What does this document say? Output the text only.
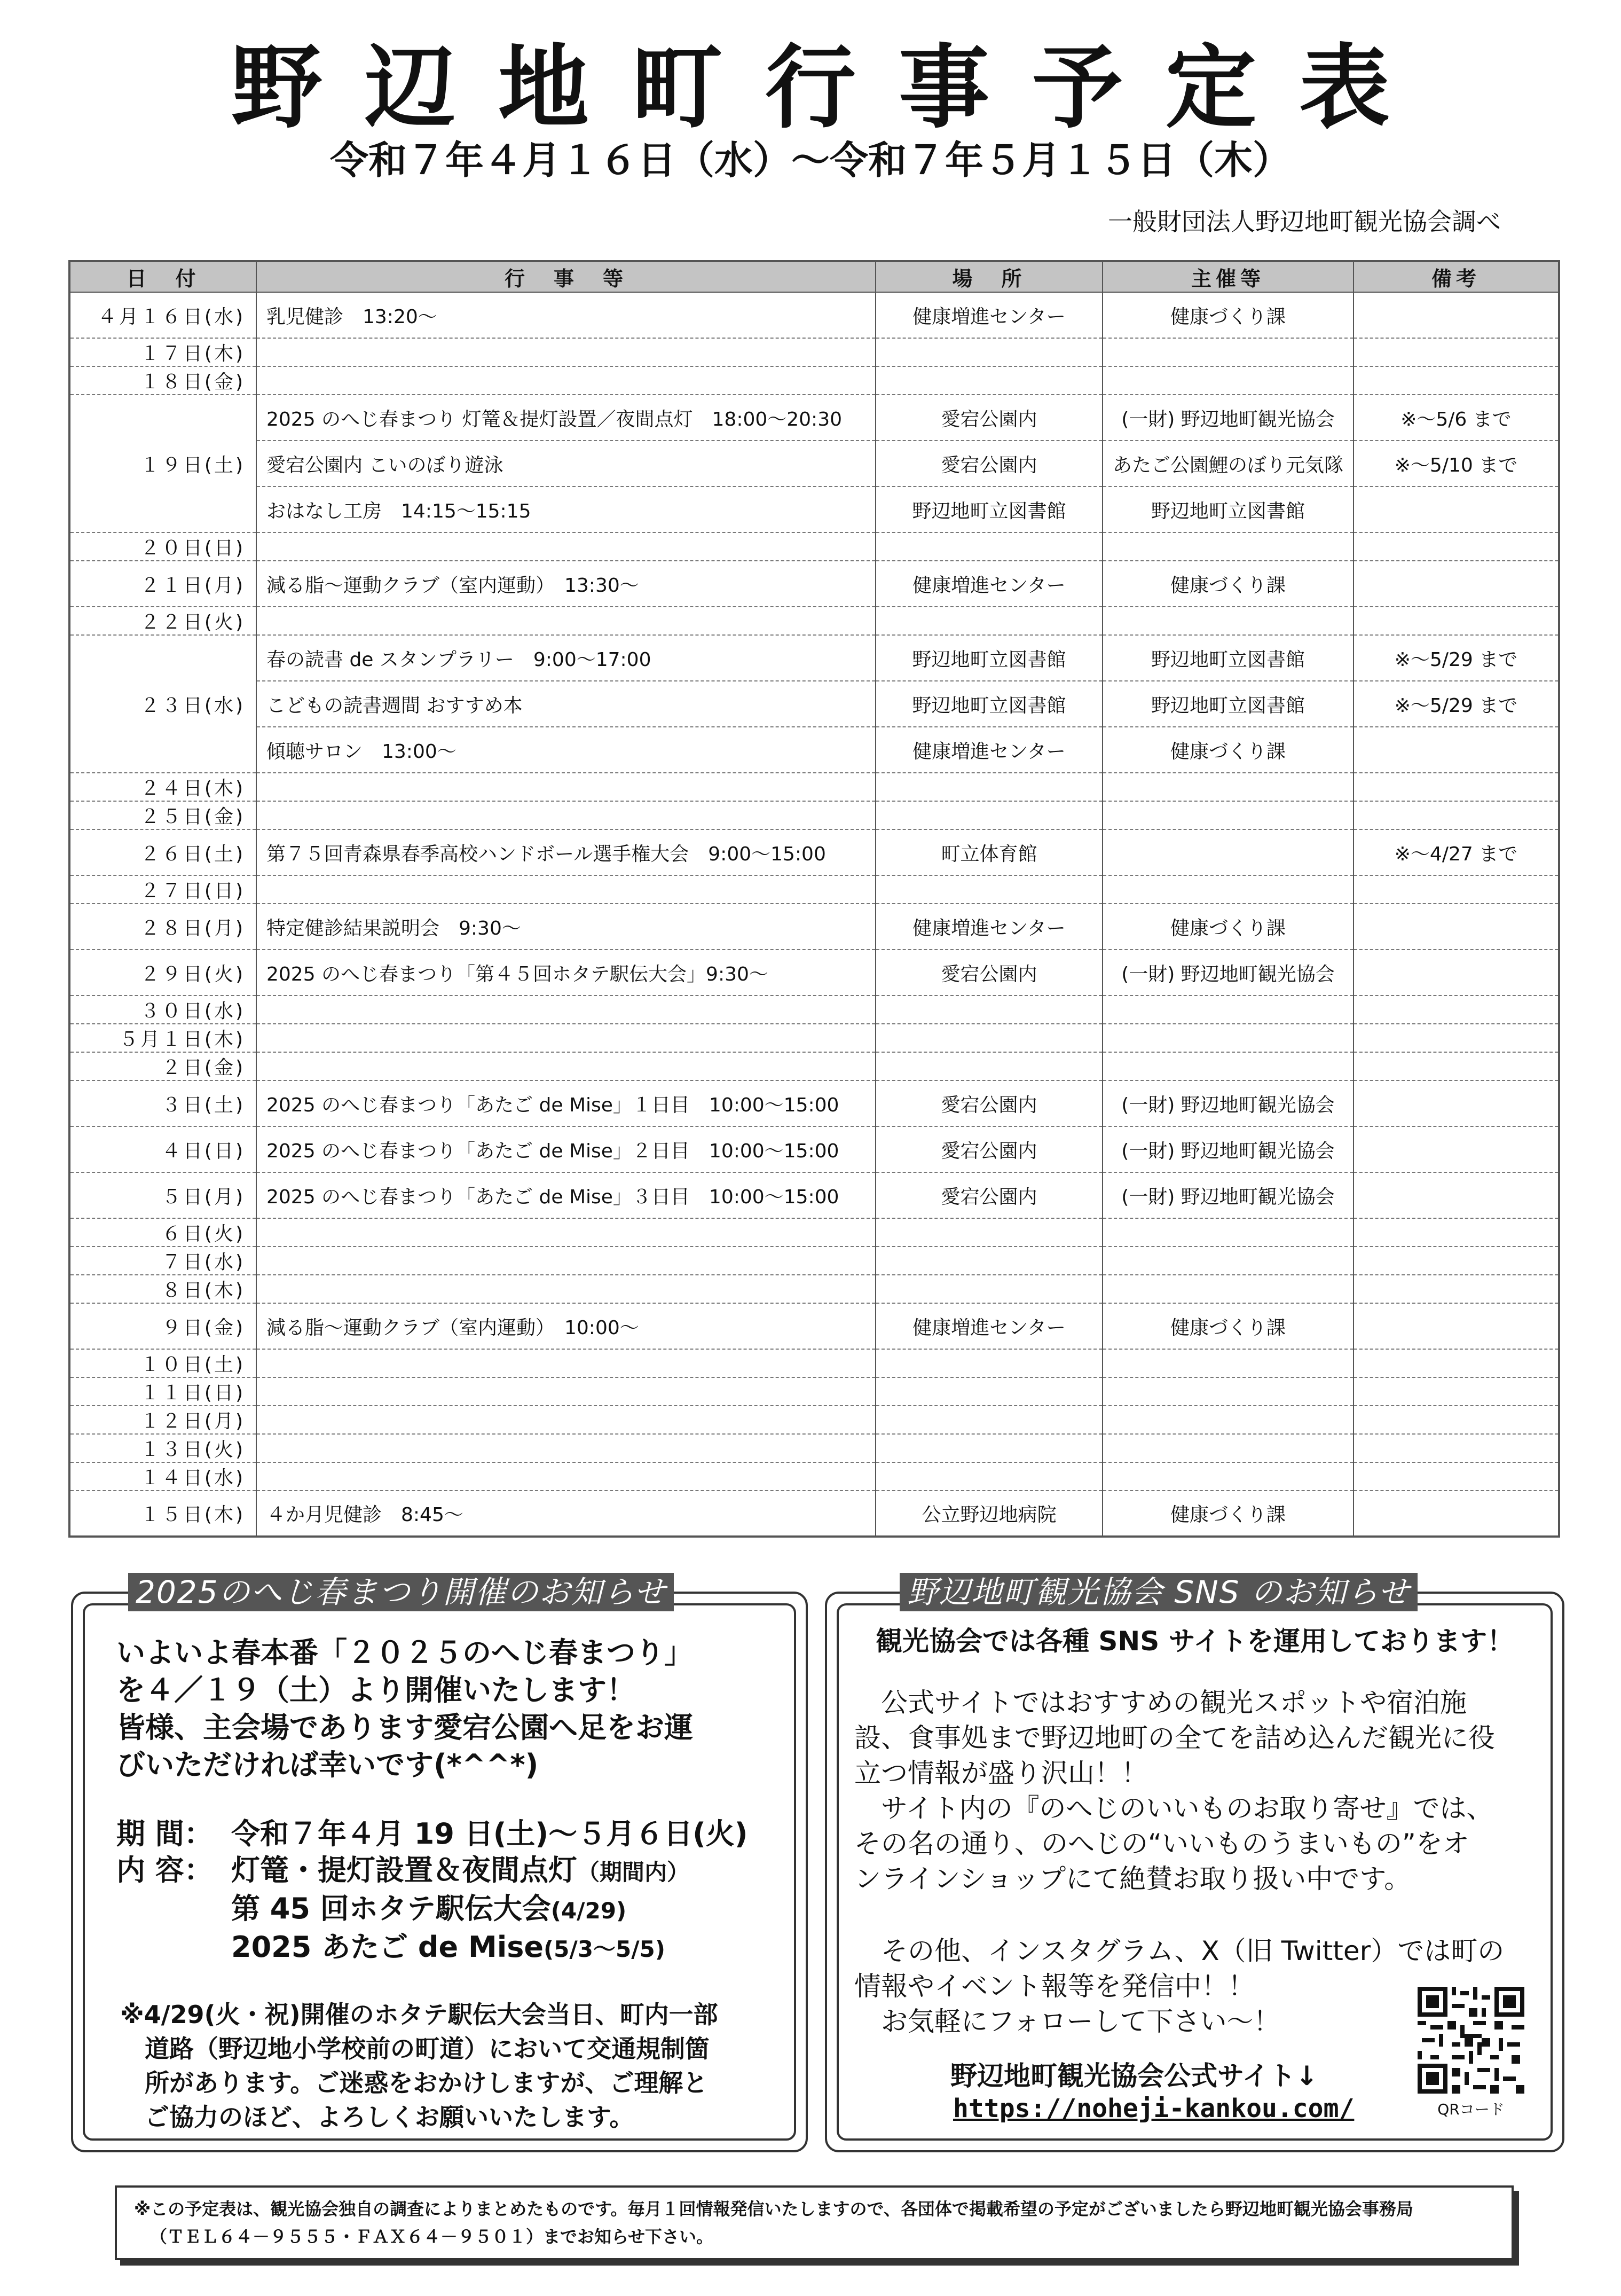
野辺地町行事予定表
令和７年４月１６日（水）～令和７年５月１５日（木）
一般財団法人野辺地町観光協会調べ
日　付	行　事　等	場　所	主催等	備考
４月１６日(水)	乳児健診　13:20～	健康増進センター	健康づくり課	
１７日(木)				
１８日(金)				
１９日(土)	2025 のへじ春まつり 灯篭＆提灯設置／夜間点灯　18:00～20:30	愛宕公園内	(一財) 野辺地町観光協会	※～5/6 まで
	愛宕公園内 こいのぼり遊泳	愛宕公園内	あたご公園鯉のぼり元気隊	※～5/10 まで
	おはなし工房　14:15～15:15	野辺地町立図書館	野辺地町立図書館	
２０日(日)				
２１日(月)	減る脂～運動クラブ（室内運動）　13:30～	健康増進センター	健康づくり課	
２２日(火)				
２３日(水)	春の読書 de スタンプラリー　9:00～17:00	野辺地町立図書館	野辺地町立図書館	※～5/29 まで
	こどもの読書週間 おすすめ本	野辺地町立図書館	野辺地町立図書館	※～5/29 まで
	傾聴サロン　13:00～	健康増進センター	健康づくり課	
２４日(木)				
２５日(金)				
２６日(土)	第７５回青森県春季高校ハンドボール選手権大会　9:00～15:00	町立体育館		※～4/27 まで
２７日(日)				
２８日(月)	特定健診結果説明会　9:30～	健康増進センター	健康づくり課	
２９日(火)	2025 のへじ春まつり「第４５回ホタテ駅伝大会」9:30～	愛宕公園内	(一財) 野辺地町観光協会	
３０日(水)				
５月１日(木)				
２日(金)				
３日(土)	2025 のへじ春まつり「あたご de Mise」１日目　10:00～15:00	愛宕公園内	(一財) 野辺地町観光協会	
４日(日)	2025 のへじ春まつり「あたご de Mise」２日目　10:00～15:00	愛宕公園内	(一財) 野辺地町観光協会	
５日(月)	2025 のへじ春まつり「あたご de Mise」３日目　10:00～15:00	愛宕公園内	(一財) 野辺地町観光協会	
６日(火)				
７日(水)				
８日(木)				
９日(金)	減る脂～運動クラブ（室内運動）　10:00～	健康増進センター	健康づくり課	
１０日(土)				
１１日(日)				
１２日(月)				
１３日(火)				
１４日(水)				
１５日(木)	４か月児健診　8:45～	公立野辺地病院	健康づくり課	
2025のへじ春まつり開催のお知らせ
いよいよ春本番「２０２５のへじ春まつり」
を４／１９（土）より開催いたします！
皆様、主会場であります愛宕公園へ足をお運
びいただければ幸いです(*^^*)
期 間： 令和７年４月 19 日(土)～５月６日(火)
内 容： 灯篭・提灯設置＆夜間点灯（期間内）
第 45 回ホタテ駅伝大会(4/29)
2025 あたご de Mise(5/3～5/5)
※4/29(火・祝)開催のホタテ駅伝大会当日、町内一部
道路（野辺地小学校前の町道）において交通規制箇
所があります。ご迷惑をおかけしますが、ご理解と
ご協力のほど、よろしくお願いいたします。
野辺地町観光協会 SNS のお知らせ
観光協会では各種 SNS サイトを運用しております！
　公式サイトではおすすめの観光スポットや宿泊施
設、食事処まで野辺地町の全てを詰め込んだ観光に役
立つ情報が盛り沢山！！
　サイト内の『のへじのいいものお取り寄せ』では、
その名の通り、のへじの“いいものうまいもの”をオ
ンラインショップにて絶賛お取り扱い中です。
　その他、インスタグラム、X（旧 Twitter）では町の
情報やイベント報等を発信中！！
　お気軽にフォローして下さい～！
野辺地町観光協会公式サイト↓
https://noheji-kankou.com/	QRコード
※この予定表は、観光協会独自の調査によりまとめたものです。毎月１回情報発信いたしますので、各団体で掲載希望の予定がございましたら野辺地町観光協会事務局
（ＴＥＬ６４－９５５５・ＦＡＸ６４－９５０１）までお知らせ下さい。
